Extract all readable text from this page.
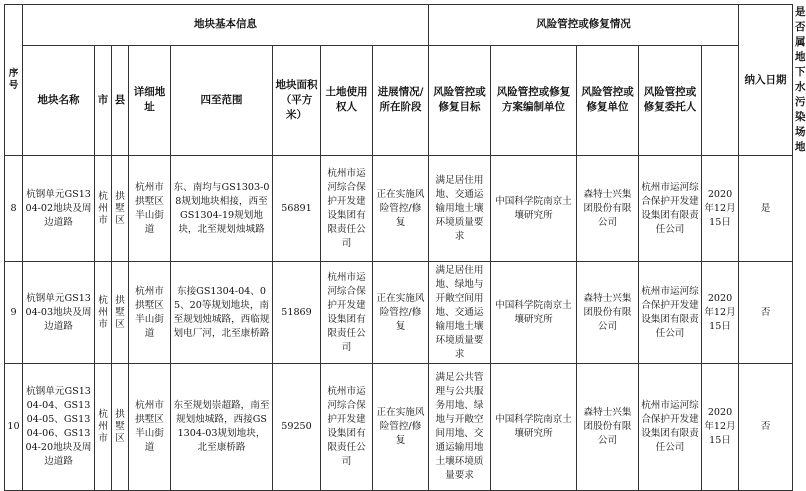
序号	地块基本信息								风险管控或修复情况					纳入日期	是否属地下水污染场地
	地块名称	市	县	详细地址	四至范围	地块面积（平方米）	土地使用权人	进展情况/所在阶段	风险管控或修复目标	风险管控或修复方案编制单位	风险管控或修复单位	风险管控或修复委托人			
8	杭钢单元GS1304-02地块及周边道路	杭州市	拱墅区	杭州市拱墅区半山街道	东、南均与GS1303-08规划地块相接，西至GS1304-19规划地块，北至规划烛城路	56891	杭州市运河综合保护开发建设集团有限责任公司	正在实施风险管控/修复	满足居住用地、交通运输用地土壤环境质量要求	中国科学院南京土壤研究所	森特士兴集团股份有限公司	杭州市运河综合保护开发建设集团有限责任公司	2020年12月15日	是	
9	杭钢单元GS1304-03地块及周边道路	杭州市	拱墅区	杭州市拱墅区半山街道	东接GS1304-04、05、20等规划地块，南至规划烛城路，西临规划电厂河，北至康桥路	51869	杭州市运河综合保护开发建设集团有限责任公司	正在实施风险管控/修复	满足居住用地、绿地与开敞空间用地、交通运输用地土壤环境质量要求	中国科学院南京土壤研究所	森特士兴集团股份有限公司	杭州市运河综合保护开发建设集团有限责任公司	2020年12月15日	否	
10	杭钢单元GS1304-04、GS1304-05、GS1304-06、GS1304-20地块及周边道路	杭州市	拱墅区	杭州市拱墅区半山街道	东至规划崇超路，南至规划烛城路，西接GS1304-03规划地块，北至康桥路	59250	杭州市运河综合保护开发建设集团有限责任公司	正在实施风险管控/修复	满足公共管理与公共服务用地、绿地与开敞空间用地、交通运输用地土壤环境质量要求	中国科学院南京土壤研究所	森特士兴集团股份有限公司	杭州市运河综合保护开发建设集团有限责任公司	2020年12月15日	否	
